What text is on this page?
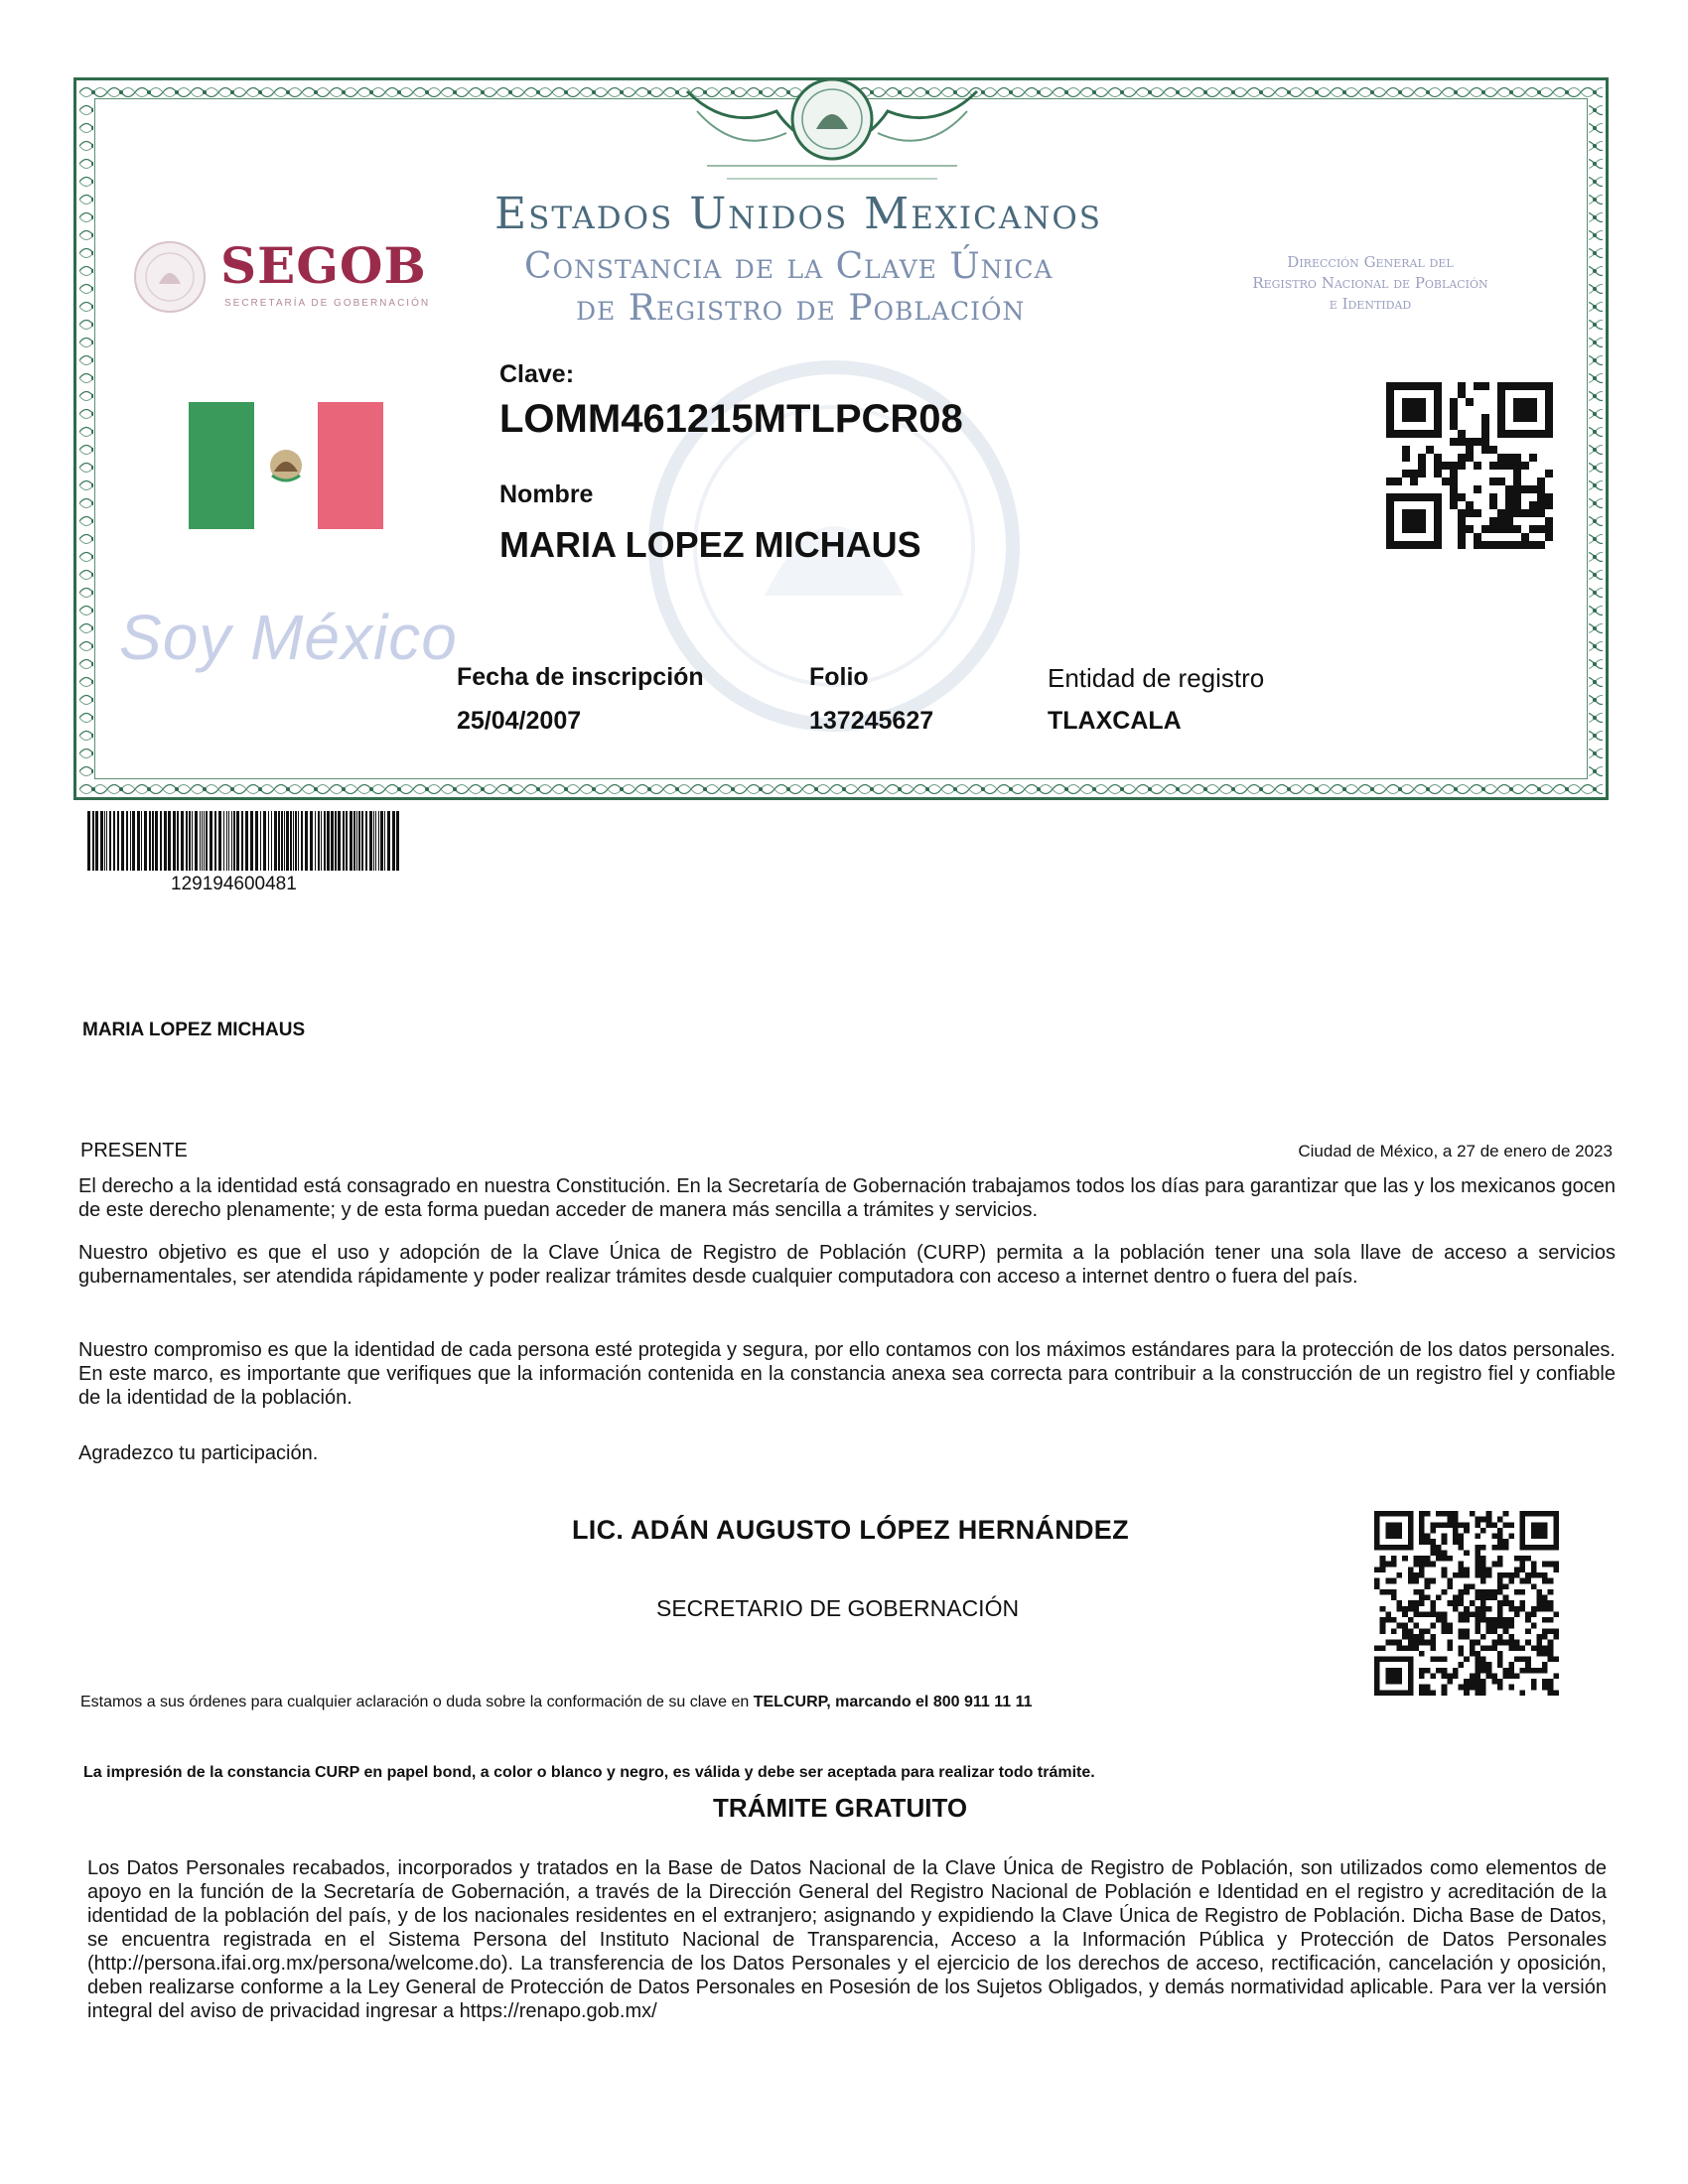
Estados Unidos Mexicanos
Constancia de la Clave Única
de Registro de Población
Dirección General del
Registro Nacional de Población
e Identidad
SEGOB
SECRETARÍA DE GOBERNACIÓN
Soy México
Clave:
LOMM461215MTLPCR08
Nombre
MARIA LOPEZ MICHAUS
Fecha de inscripción
25/04/2007
Folio
137245627
Entidad de registro
TLAXCALA
129194600481
MARIA LOPEZ MICHAUS
PRESENTE	Ciudad de México, a 27 de enero de 2023
El derecho a la identidad está consagrado en nuestra Constitución. En la Secretaría de Gobernación trabajamos todos los días para garantizar que las y los mexicanos gocen de este derecho plenamente; y de esta forma puedan acceder de manera más sencilla a trámites y servicios.
Nuestro objetivo es que el uso y adopción de la Clave Única de Registro de Población (CURP) permita a la población tener una sola llave de acceso a servicios gubernamentales, ser atendida rápidamente y poder realizar trámites desde cualquier computadora con acceso a internet dentro o fuera del país.
Nuestro compromiso es que la identidad de cada persona esté protegida y segura, por ello contamos con los máximos estándares para la protección de los datos personales. En este marco, es importante que verifiques que la información contenida en la constancia anexa sea correcta para contribuir a la construcción de un registro fiel y confiable de la identidad de la población.
Agradezco tu participación.
LIC. ADÁN AUGUSTO LÓPEZ HERNÁNDEZ
SECRETARIO DE GOBERNACIÓN
Estamos a sus órdenes para cualquier aclaración o duda sobre la conformación de su clave en TELCURP, marcando el 800 911 11 11
La impresión de la constancia CURP en papel bond, a color o blanco y negro, es válida y debe ser aceptada para realizar todo trámite.
TRÁMITE GRATUITO
Los Datos Personales recabados, incorporados y tratados en la Base de Datos Nacional de la Clave Única de Registro de Población, son utilizados como elementos de apoyo en la función de la Secretaría de Gobernación, a través de la Dirección General del Registro Nacional de Población e Identidad en el registro y acreditación de la identidad de la población del país, y de los nacionales residentes en el extranjero; asignando y expidiendo la Clave Única de Registro de Población. Dicha Base de Datos, se encuentra registrada en el Sistema Persona del Instituto Nacional de Transparencia, Acceso a la Información Pública y Protección de Datos Personales (http://persona.ifai.org.mx/persona/welcome.do). La transferencia de los Datos Personales y el ejercicio de los derechos de acceso, rectificación, cancelación y oposición, deben realizarse conforme a la Ley General de Protección de Datos Personales en Posesión de los Sujetos Obligados, y demás normatividad aplicable. Para ver la versión integral del aviso de privacidad ingresar a https://renapo.gob.mx/
